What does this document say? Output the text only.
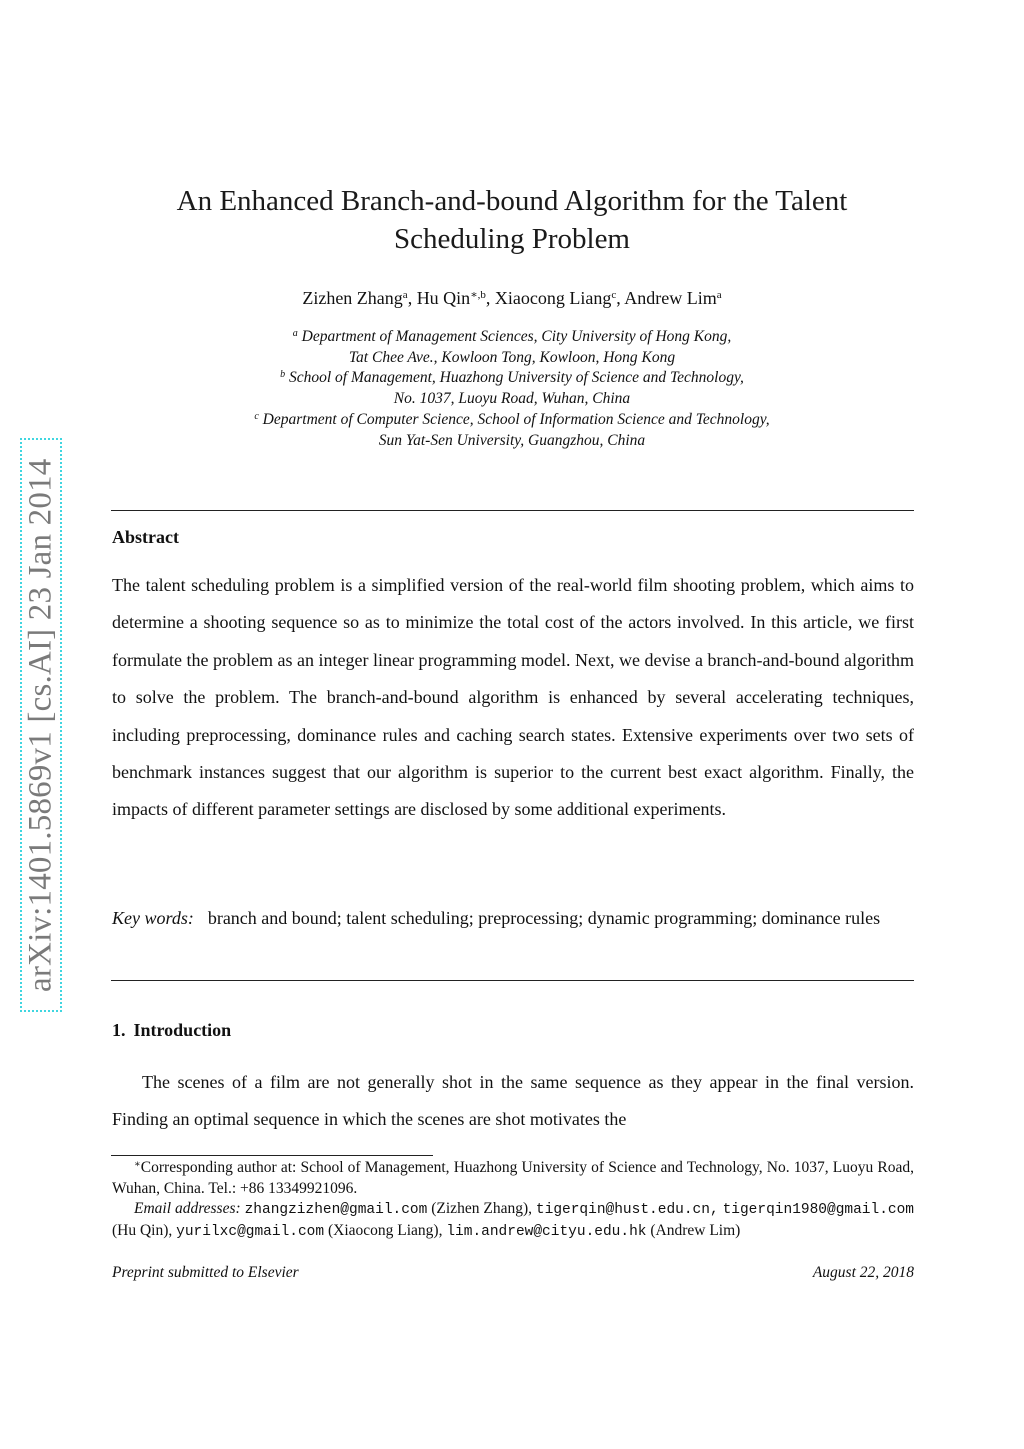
arXiv:1401.5869v1 [cs.AI] 23 Jan 2014
An Enhanced Branch-and-bound Algorithm for the Talent
Scheduling Problem
Zizhen Zhang$^a$, Hu Qin$^{∗,b}$, Xiaocong Liang$^c$, Andrew Lim$^a$
$^a$ Department of Management Sciences, City University of Hong Kong,
Tat Chee Ave., Kowloon Tong, Kowloon, Hong Kong
$^b$ School of Management, Huazhong University of Science and Technology,
No. 1037, Luoyu Road, Wuhan, China
$^c$ Department of Computer Science, School of Information Science and Technology,
Sun Yat-Sen University, Guangzhou, China
Abstract
The talent scheduling problem is a simplified version of the real-world film shooting problem, which aims to determine a shooting sequence so as to minimize the total cost of the actors involved. In this article, we first formulate the problem as an integer linear programming model. Next, we devise a branch-and-bound algorithm to solve the problem. The branch-and-bound algorithm is enhanced by several accelerating techniques, including preprocessing, dominance rules and caching search states. Extensive experiments over two sets of benchmark instances suggest that our algorithm is superior to the current best exact algorithm. Finally, the impacts of different parameter settings are disclosed by some additional experiments.
Key words: branch and bound; talent scheduling; preprocessing; dynamic programming; dominance rules
1. Introduction
The scenes of a film are not generally shot in the same sequence as they appear in the final version. Finding an optimal sequence in which the scenes are shot motivates the
∗Corresponding author at: School of Management, Huazhong University of Science and Technology, No. 1037, Luoyu Road, Wuhan, China. Tel.: +86 13349921096.
Email addresses: zhangzizhen@gmail.com (Zizhen Zhang), tigerqin@hust.edu.cn, tigerqin1980@gmail.com (Hu Qin), yurilxc@gmail.com (Xiaocong Liang), lim.andrew@cityu.edu.hk (Andrew Lim)
Preprint submitted to Elsevier	August 22, 2018
